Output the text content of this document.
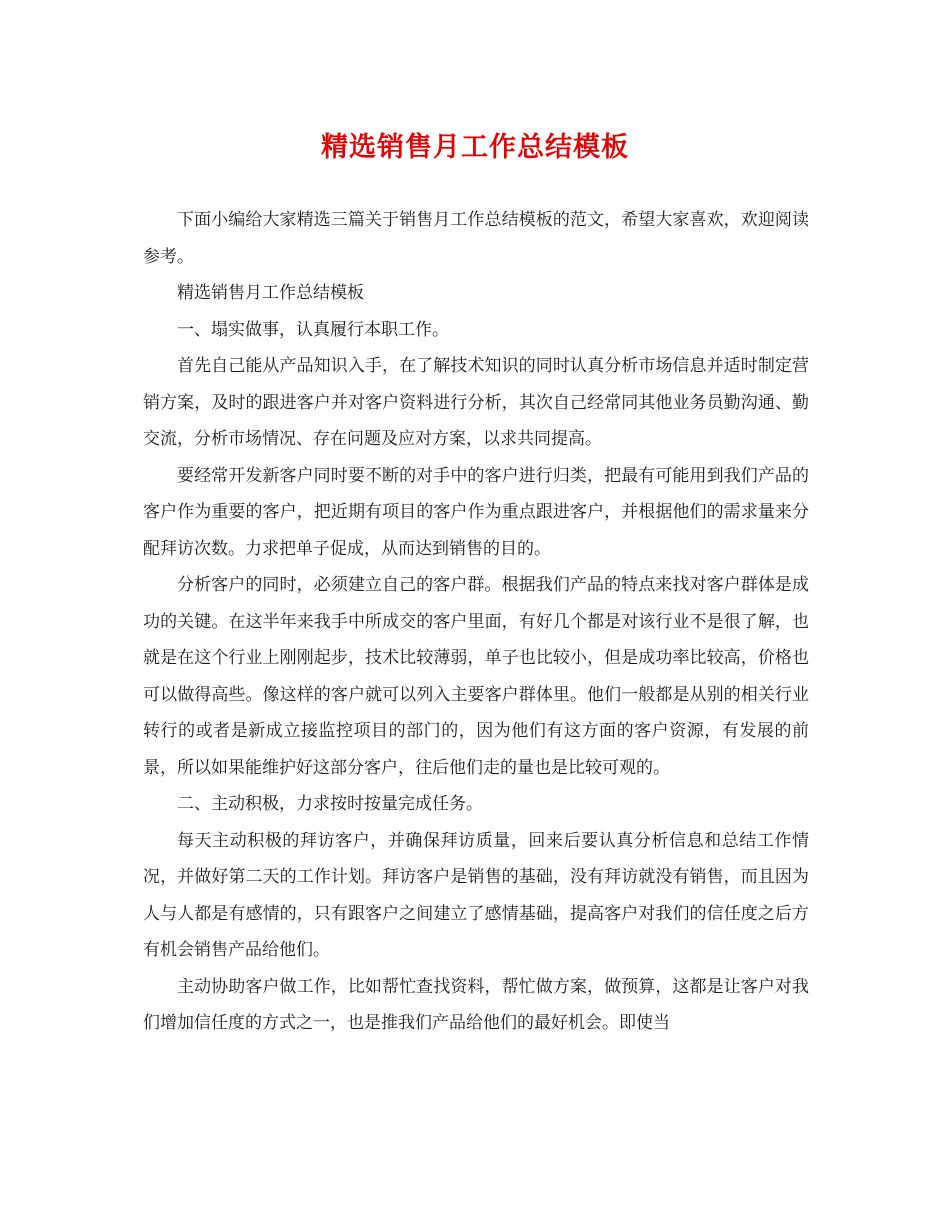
精选销售月工作总结模板

下面小编给大家精选三篇关于销售月工作总结模板的范文，希望大家喜欢，欢迎阅读参考。

精选销售月工作总结模板

一、塌实做事，认真履行本职工作。

首先自己能从产品知识入手，在了解技术知识的同时认真分析市场信息并适时制定营销方案，及时的跟进客户并对客户资料进行分析，其次自己经常同其他业务员勤沟通、勤交流，分析市场情况、存在问题及应对方案，以求共同提高。

要经常开发新客户同时要不断的对手中的客户进行归类，把最有可能用到我们产品的客户作为重要的客户，把近期有项目的客户作为重点跟进客户，并根据他们的需求量来分配拜访次数。力求把单子促成，从而达到销售的目的。

分析客户的同时，必须建立自己的客户群。根据我们产品的特点来找对客户群体是成功的关键。在这半年来我手中所成交的客户里面，有好几个都是对该行业不是很了解，也就是在这个行业上刚刚起步，技术比较薄弱，单子也比较小，但是成功率比较高，价格也可以做得高些。像这样的客户就可以列入主要客户群体里。他们一般都是从别的相关行业转行的或者是新成立接监控项目的部门的，因为他们有这方面的客户资源，有发展的前景，所以如果能维护好这部分客户，往后他们走的量也是比较可观的。

二、主动积极，力求按时按量完成任务。

每天主动积极的拜访客户，并确保拜访质量，回来后要认真分析信息和总结工作情况，并做好第二天的工作计划。拜访客户是销售的基础，没有拜访就没有销售，而且因为人与人都是有感情的，只有跟客户之间建立了感情基础，提高客户对我们的信任度之后方有机会销售产品给他们。

主动协助客户做工作，比如帮忙查找资料，帮忙做方案，做预算，这都是让客户对我们增加信任度的方式之一，也是推我们产品给他们的最好机会。即使当
